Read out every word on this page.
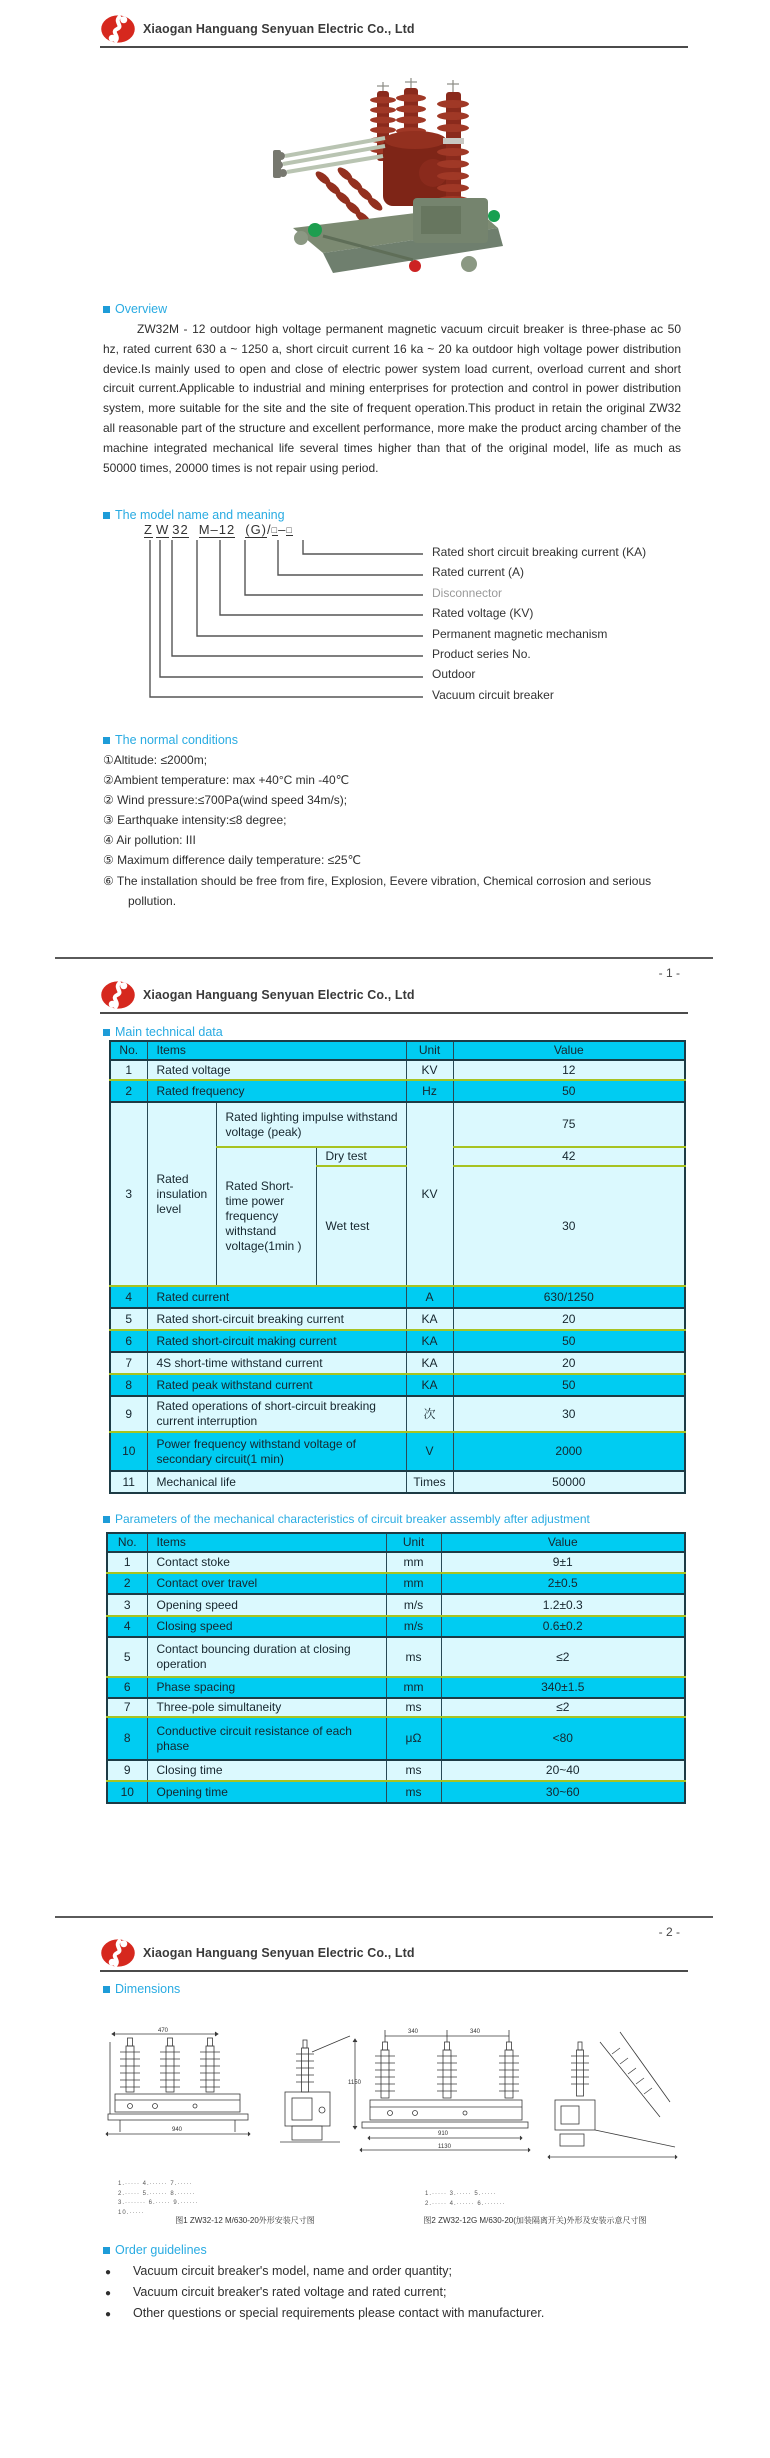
Xiaogan Hanguang Senyuan Electric Co., Ltd
Overview
ZW32M - 12 outdoor high voltage permanent magnetic vacuum circuit breaker is three-phase ac 50 hz, rated current 630 a ~ 1250 a, short circuit current 16 ka ~ 20 ka outdoor high voltage power distribution device.Is mainly used to open and close of electric power system load current, overload current and short circuit current.Applicable to industrial and mining enterprises for protection and control in power distribution system, more suitable for the site and the site of frequent operation.This product in retain the original ZW32 all reasonable part of the structure and excellent performance, more make the product arcing chamber of the machine integrated mechanical life several times higher than that of the original model, life as much as 50000 times, 20000 times is not repair using period.
The model name and meaning
Z W 32 M–12 (G)/□–□
Rated short circuit breaking current (KA)
Rated current (A)
Disconnector
Rated voltage (KV)
Permanent magnetic mechanism
Product series No.
Outdoor
Vacuum circuit breaker
The normal conditions
①Altitude: ≤2000m;
②Ambient temperature: max +40°C min -40℃
② Wind pressure:≤700Pa(wind speed 34m/s);
③ Earthquake intensity:≤8 degree;
④ Air pollution: III
⑤ Maximum difference daily temperature: ≤25℃
⑥ The installation should be free from fire, Explosion, Eevere vibration, Chemical corrosion and serious pollution.
- 1 -
Xiaogan Hanguang Senyuan Electric Co., Ltd
Main technical data
No.	Items			Unit	Value
1	Rated voltage			KV	12
2	Rated frequency			Hz	50
3	Rated insulation level	Rated lighting impulse withstand voltage (peak)		KV	75
		Rated Short-time power frequency withstand voltage(1min )	Dry test		42
			Wet test		30
4	Rated current			A	630/1250
5	Rated short-circuit breaking current			KA	20
6	Rated short-circuit making current			KA	50
7	4S short-time withstand current			KA	20
8	Rated peak withstand current			KA	50
9	Rated operations of short-circuit breaking current interruption			次	30
10	Power frequency withstand voltage of secondary circuit(1 min)			V	2000
11	Mechanical life			Times	50000
Parameters of the mechanical characteristics of circuit breaker assembly after adjustment
No.	Items	Unit	Value
1	Contact stoke	mm	9±1
2	Contact over travel	mm	2±0.5
3	Opening speed	m/s	1.2±0.3
4	Closing speed	m/s	0.6±0.2
5	Contact bouncing duration at closing operation	ms	≤2
6	Phase spacing	mm	340±1.5
7	Three-pole simultaneity	ms	≤2
8	Conductive circuit resistance of each phase	μΩ	<80
9	Closing time	ms	20~40
10	Opening time	ms	30~60
- 2 -
Xiaogan Hanguang Senyuan Electric Co., Ltd
Dimensions
470
940
1150
340	340
910
1130
1.····· 4.······ 7.·····
2.····· 5.······ 8.······
3.······· 6.····· 9.······
10.·····
1.····· 3.····· 5.·····
2.····· 4.······ 6.·······
图1 ZW32-12 M/630-20外形安装尺寸图	图2 ZW32-12G M/630-20(加装隔离开关)外形及安装示意尺寸图
Order guidelines
● Vacuum circuit breaker's model, name and order quantity;
● Vacuum circuit breaker's rated voltage and rated current;
● Other questions or special requirements please contact with manufacturer.
